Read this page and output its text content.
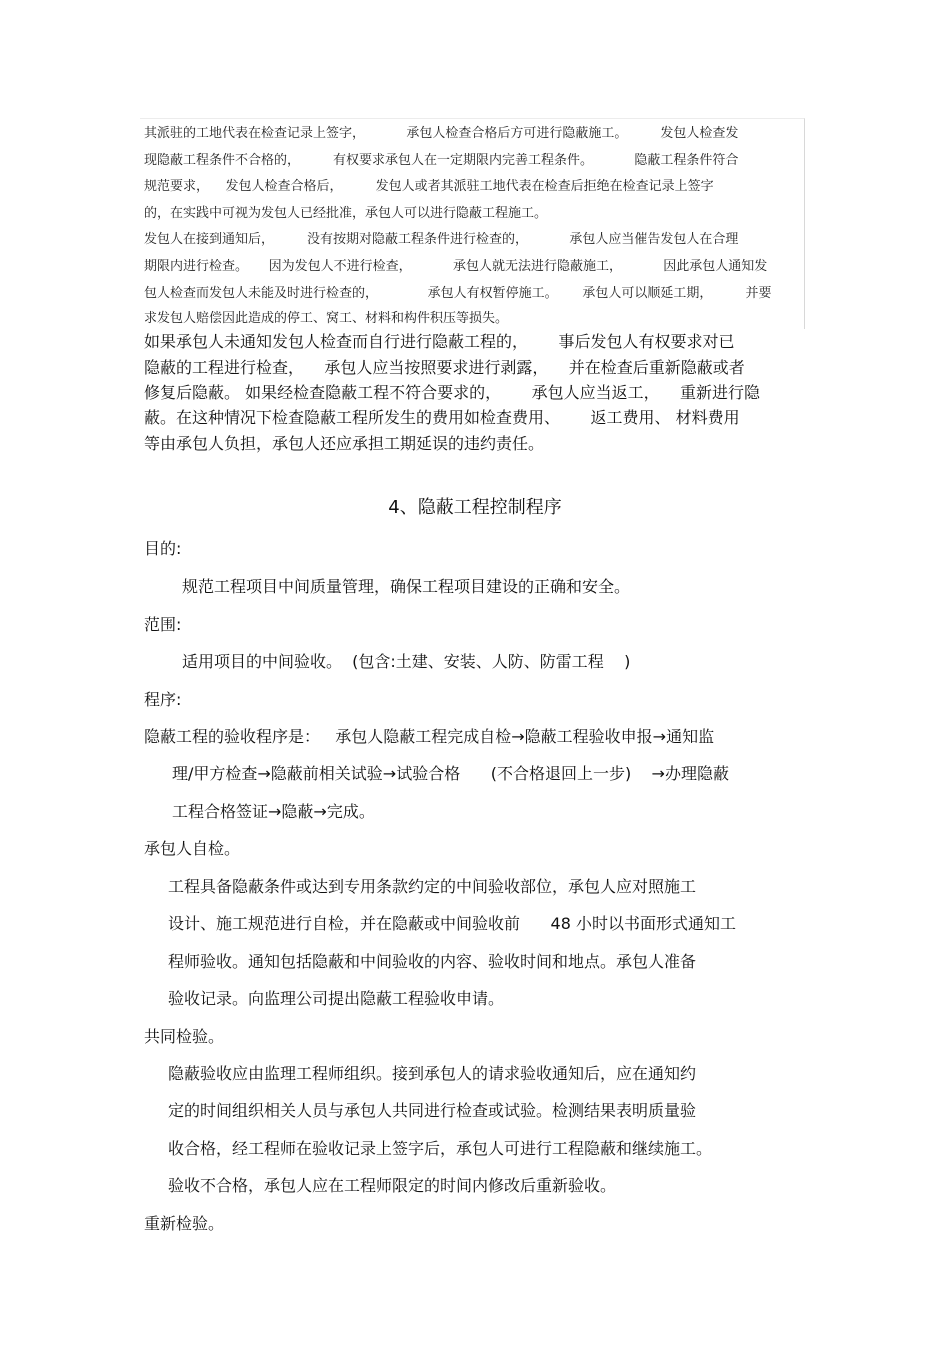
其派驻的工地代表在检查记录上签字，          承包人检查合格后方可进行隐蔽施工。        发包人检查发
现隐蔽工程条件不合格的，        有权要求承包人在一定期限内完善工程条件。          隐蔽工程条件符合
规范要求，    发包人检查合格后，        发包人或者其派驻工地代表在检查后拒绝在检查记录上签字
的，在实践中可视为发包人已经批准，承包人可以进行隐蔽工程施工。
发包人在接到通知后，        没有按期对隐蔽工程条件进行检查的，          承包人应当催告发包人在合理
期限内进行检查。     因为发包人不进行检查，          承包人就无法进行隐蔽施工，          因此承包人通知发
包人检查而发包人未能及时进行检查的，            承包人有权暂停施工。      承包人可以顺延工期，        并要
求发包人赔偿因此造成的停工、窝工、材料和构件积压等损失。
如果承包人未通知发包人检查而自行进行隐蔽工程的，      事后发包人有权要求对已
隐蔽的工程进行检查，    承包人应当按照要求进行剥露，    并在检查后重新隐蔽或者
修复后隐蔽。 如果经检查隐蔽工程不符合要求的，      承包人应当返工，    重新进行隐
蔽。在这种情况下检查隐蔽工程所发生的费用如检查费用、      返工费用、 材料费用
等由承包人负担，承包人还应承担工期延误的违约责任。
4、隐蔽工程控制程序
目的:
规范工程项目中间质量管理，确保工程项目建设的正确和安全。
范围:
适用项目的中间验收。  (包含:土建、安装、人防、防雷工程    )
程序:
隐蔽工程的验收程序是：   承包人隐蔽工程完成自检→隐蔽工程验收申报→通知监
理/甲方检查→隐蔽前相关试验→试验合格      (不合格退回上一步)    →办理隐蔽
工程合格签证→隐蔽→完成。
承包人自检。
工程具备隐蔽条件或达到专用条款约定的中间验收部位，承包人应对照施工
设计、施工规范进行自检，并在隐蔽或中间验收前      48 小时以书面形式通知工
程师验收。通知包括隐蔽和中间验收的内容、验收时间和地点。承包人准备
验收记录。向监理公司提出隐蔽工程验收申请。
共同检验。
隐蔽验收应由监理工程师组织。接到承包人的请求验收通知后，应在通知约
定的时间组织相关人员与承包人共同进行检查或试验。检测结果表明质量验
收合格，经工程师在验收记录上签字后，承包人可进行工程隐蔽和继续施工。
验收不合格，承包人应在工程师限定的时间内修改后重新验收。
重新检验。
